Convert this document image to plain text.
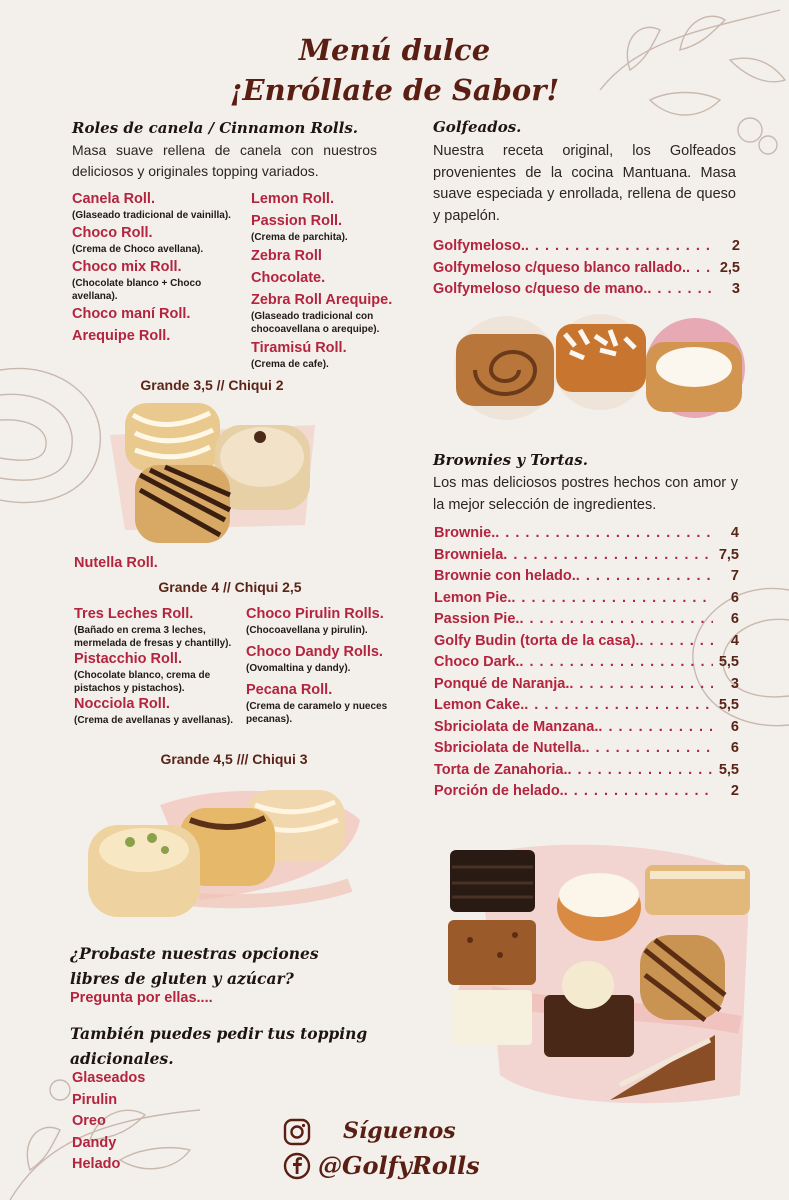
Menú dulce
¡Enróllate de Sabor!
Roles de canela / Cinnamon Rolls.
Masa suave rellena de canela con nuestros deliciosos y originales topping variados.
Canela Roll.
(Glaseado tradicional de vainilla).
Choco Roll.
(Crema de Choco avellana).
Choco mix Roll.
(Chocolate blanco + Choco avellana).
Choco maní Roll.
Arequipe Roll.
Lemon Roll.
Passion Roll.
(Crema de parchita).
Zebra Roll
Chocolate.
Zebra Roll Arequipe.
(Glaseado tradicional con chocoavellana o arequipe).
Tiramisú Roll.
(Crema de cafe).
Grande 3,5 // Chiqui 2
Nutella Roll.
Grande 4 // Chiqui 2,5
Tres Leches Roll.
(Bañado en crema 3 leches, mermelada de fresas y chantilly).
Pistacchio Roll.
(Chocolate blanco, crema de pistachos y pistachos).
Nocciola Roll.
(Crema de avellanas y avellanas).
Choco Pirulin Rolls.
(Chocoavellana y pirulin).
Choco Dandy Rolls.
(Ovomaltina y dandy).
Pecana Roll.
(Crema de caramelo y nueces pecanas).
Grande 4,5 /// Chiqui 3
¿Probaste nuestras opciones libres de gluten y azúcar?
Pregunta por ellas....
También puedes pedir tus topping adicionales.
Glaseados
Pirulin
Oreo
Dandy
Helado
Golfeados.
Nuestra receta original, los Golfeados provenientes de la cocina Mantuana. Masa suave especiada y enrollada, rellena de queso y papelón.
Golfymeloso. . . .	2
Golfymeloso c/queso blanco rallado. . . .	2,5
Golfymeloso c/queso de mano. . . .	3
Brownies y Tortas.
Los mas deliciosos postres hechos con amor y la mejor selección de ingredientes.
Brownie. . . .	4
Browniela . . .	7,5
Brownie con helado. . . .	7
Lemon Pie. . . .	6
Passion Pie. . . .	6
Golfy Budin (torta de la casa). . . .	4
Choco Dark. . . .	5,5
Ponqué de Naranja. . . .	3
Lemon Cake. . . .	5,5
Sbriciolata de Manzana. . . .	6
Sbriciolata de Nutella. . . .	6
Torta de Zanahoria. . . .	5,5
Porción de helado. . . .	2
Síguenos
@GolfyRolls
